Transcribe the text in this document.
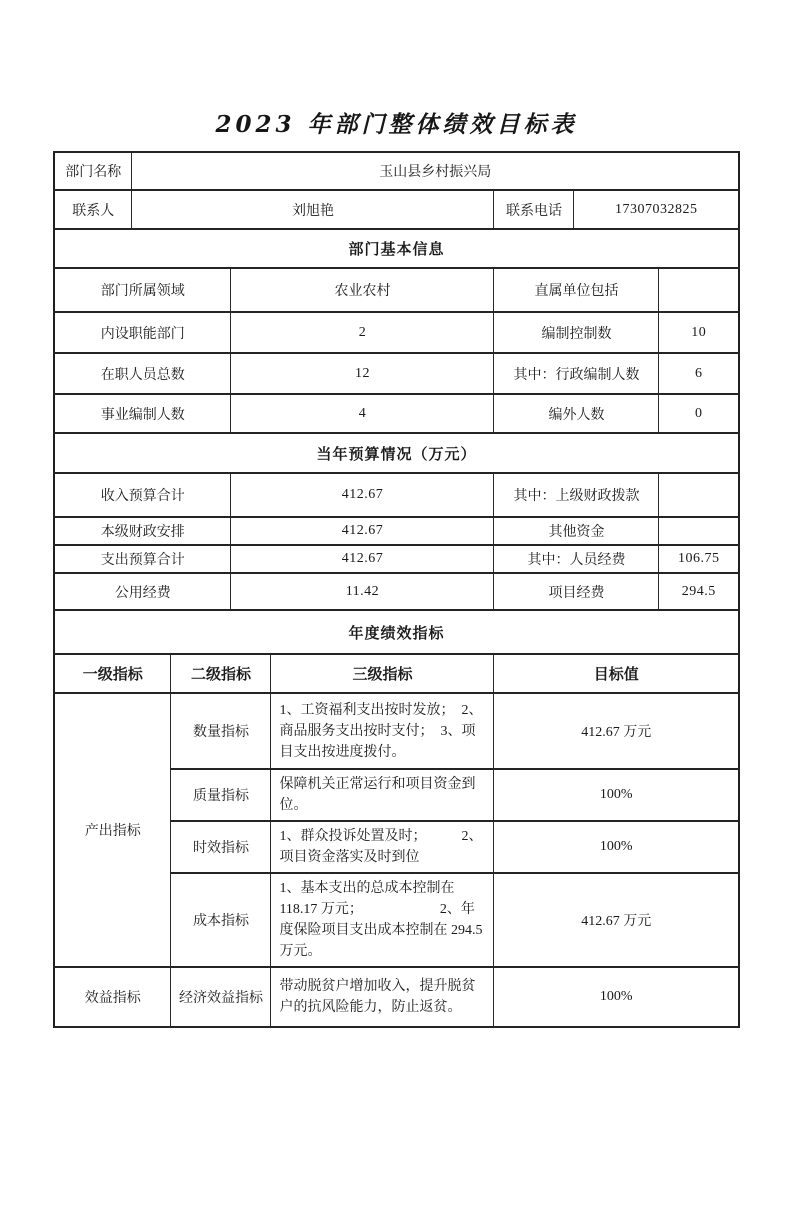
2023 年部门整体绩效目标表
部门名称	玉山县乡村振兴局						
联系人	刘旭艳				联系电话	17307032825	
部门基本信息							
部门所属领域			农业农村		直属单位包括		
内设职能部门			2		编制控制数		10
在职人员总数			12		其中：行政编制人数		6
事业编制人数			4		编外人数		0
当年预算情况（万元）							
收入预算合计			412.67		其中：上级财政拨款		
本级财政安排			412.67		其他资金		
支出预算合计			412.67		其中：人员经费		106.75
公用经费			11.42		项目经费		294.5
年度绩效指标							
一级指标		二级指标		三级指标	目标值		
产出指标		数量指标		1、工资福利支出按时发放；  2、商品服务支出按时支付；  3、项目支出按进度拨付。	412.67 万元		
		质量指标		保障机关正常运行和项目资金到位。	100%		
		时效指标		1、群众投诉处置及时；          2、项目资金落实及时到位	100%		
		成本指标		1、基本支出的总成本控制在 118.17 万元；                      2、年度保险项目支出成本控制在 294.5 万元。	412.67 万元		
效益指标		经济效益指标		带动脱贫户增加收入，提升脱贫户的抗风险能力，防止返贫。	100%		
